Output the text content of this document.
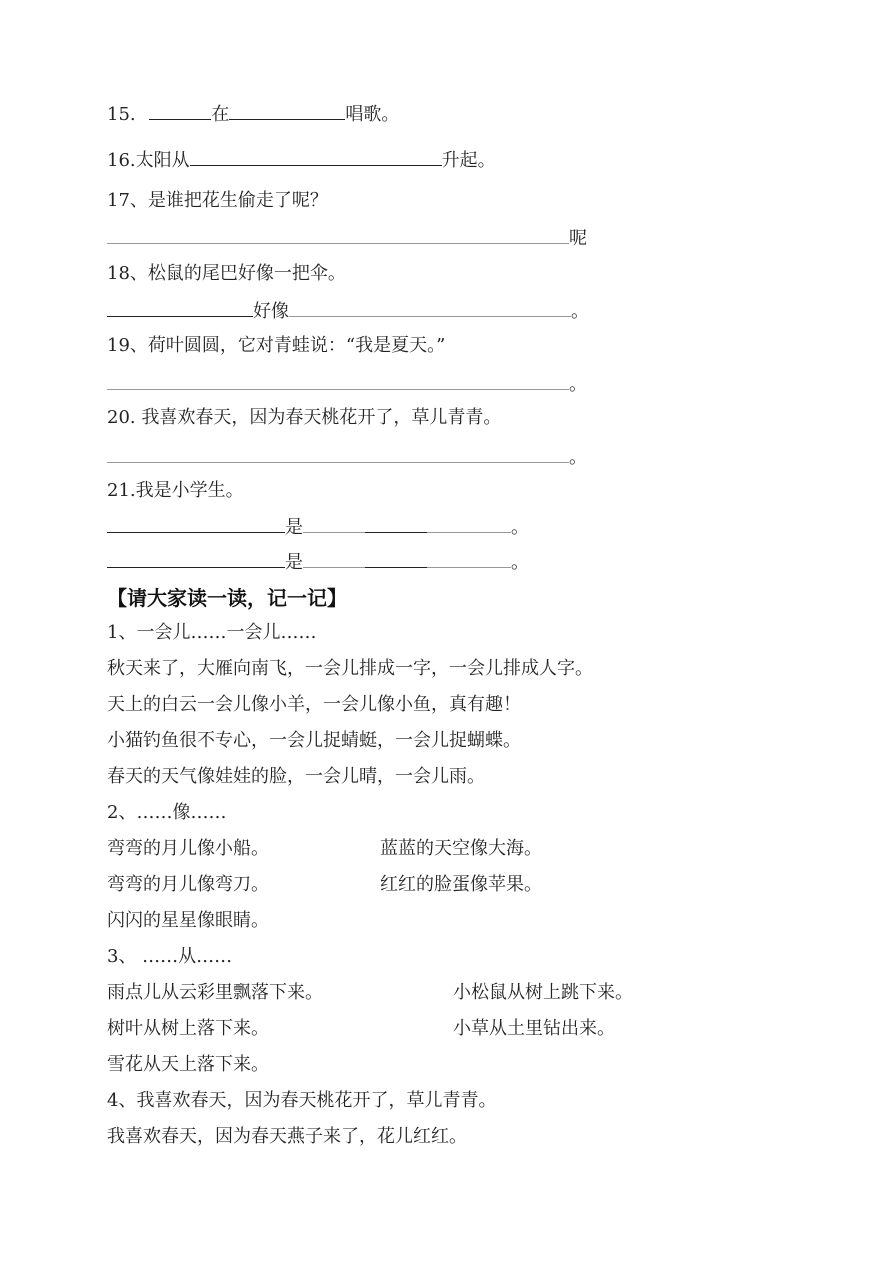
15.	在	唱歌。
16.太阳从	升起。
17、是谁把花生偷走了呢？
呢
18、松鼠的尾巴好像一把伞。
好像	。
19、荷叶圆圆，它对青蛙说：“我是夏天。”
。
20. 我喜欢春天，因为春天桃花开了，草儿青青。
。
21.我是小学生。
是	。
是	。
【请大家读一读，记一记】
1、一会儿……一会儿……
秋天来了，大雁向南飞，一会儿排成一字，一会儿排成人字。
天上的白云一会儿像小羊，一会儿像小鱼，真有趣！
小猫钓鱼很不专心，一会儿捉蜻蜓，一会儿捉蝴蝶。
春天的天气像娃娃的脸，一会儿晴，一会儿雨。
2、……像……
弯弯的月儿像小船。	蓝蓝的天空像大海。
弯弯的月儿像弯刀。	红红的脸蛋像苹果。
闪闪的星星像眼睛。
3、 ……从……
雨点儿从云彩里飘落下来。	小松鼠从树上跳下来。
树叶从树上落下来。	小草从土里钻出来。
雪花从天上落下来。
4、我喜欢春天，因为春天桃花开了，草儿青青。
我喜欢春天，因为春天燕子来了，花儿红红。
